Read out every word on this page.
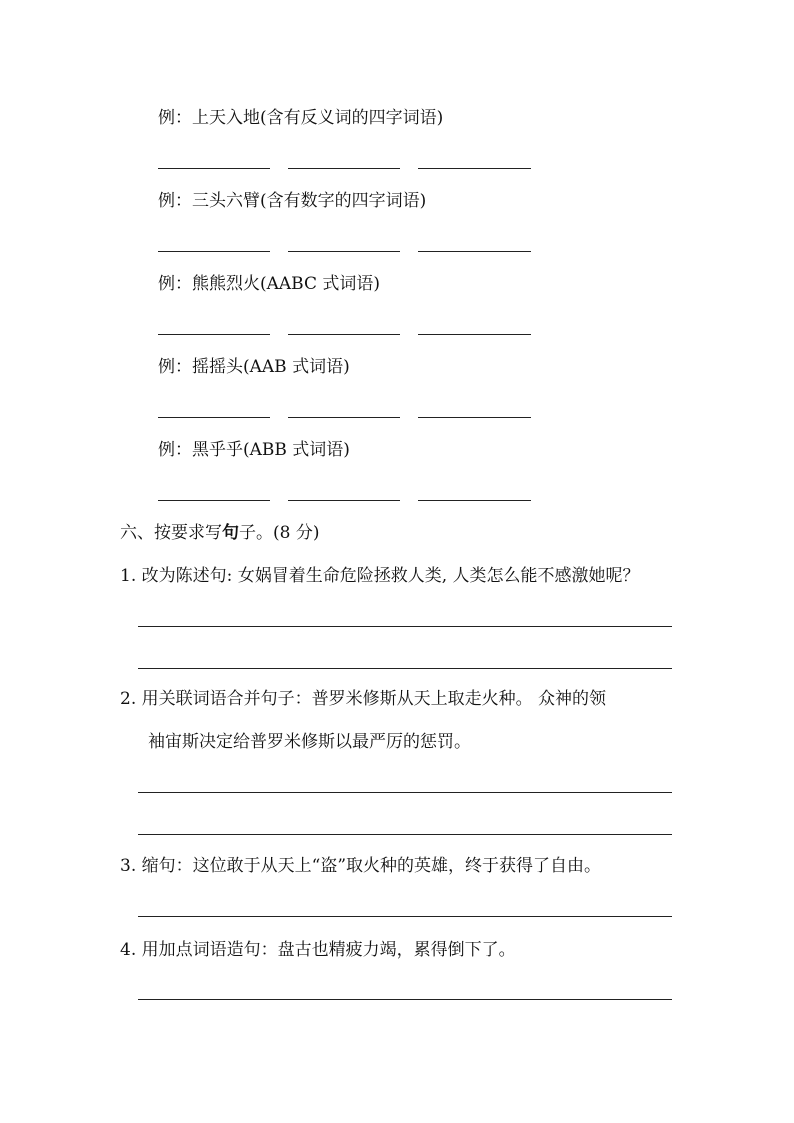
例：上天入地(含有反义词的四字词语)
例：三头六臂(含有数字的四字词语)
例：熊熊烈火(AABC 式词语)
例：摇摇头(AAB 式词语)
例：黑乎乎(ABB 式词语)
六、按要求写句子。(8 分)
1. 改为陈述句: 女娲冒着生命危险拯救人类, 人类怎么能不感激她呢？
2. 用关联词语合并句子：普罗米修斯从天上取走火种。 众神的领
袖宙斯决定给普罗米修斯以最严厉的惩罚。
3. 缩句：这位敢于从天上“盗”取火种的英雄，终于获得了自由。
4. 用加点词语造句：盘古也精疲力竭，累得倒下了。
